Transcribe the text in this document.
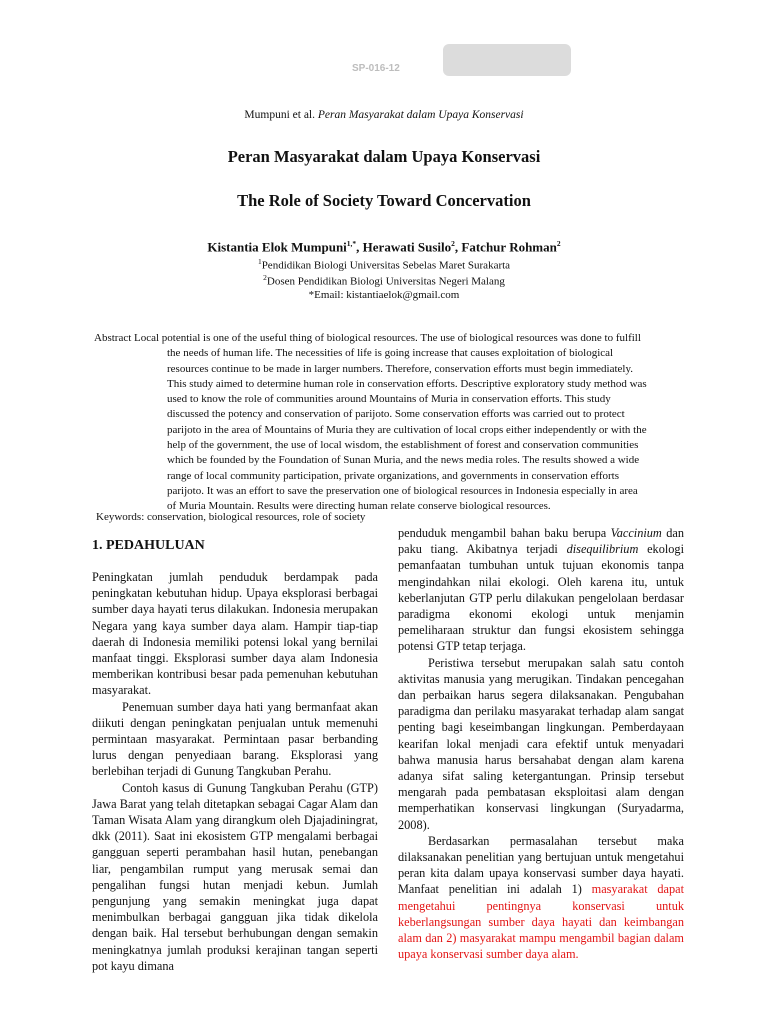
SP-016-12
Mumpuni et al. Peran Masyarakat dalam Upaya Konservasi
Peran Masyarakat dalam Upaya Konservasi
The Role of Society Toward Concervation
Kistantia Elok Mumpuni$^{1,*}$, Herawati Susilo$^2$, Fatchur Rohman$^2$
$^1$Pendidikan Biologi Universitas Sebelas Maret Surakarta
$^2$Dosen Pendidikan Biologi Universitas Negeri Malang
*Email: kistantiaelok@gmail.com
Abstract Local potential is one of the useful thing of biological resources. The use of biological resources was done to fulfill
the needs of human life. The necessities of life is going increase that causes exploitation of biological
resources continue to be made in larger numbers. Therefore, conservation efforts must begin immediately.
This study aimed to determine human role in conservation efforts. Descriptive exploratory study method was
used to know the role of communities around Mountains of Muria in conservation efforts. This study
discussed the potency and conservation of parijoto. Some conservation efforts was carried out to protect
parijoto in the area of Mountains of Muria they are cultivation of local crops either independently or with the
help of the government, the use of local wisdom, the establishment of forest and conservation communities
which be founded by the Foundation of Sunan Muria, and the news media roles. The results showed a wide
range of local community participation, private organizations, and governments in conservation efforts
parijoto. It was an effort to save the preservation one of biological resources in Indonesia especially in area
of Muria Mountain. Results were directing human relate conserve biological resources.
Keywords: conservation, biological resources, role of society
1. PEDAHULUAN

Peningkatan jumlah penduduk berdampak pada peningkatan kebutuhan hidup. Upaya eksplorasi berbagai sumber daya hayati terus dilakukan. Indonesia merupakan Negara yang kaya sumber daya alam. Hampir tiap-tiap daerah di Indonesia memiliki potensi lokal yang bernilai manfaat tinggi. Eksplorasi sumber daya alam Indonesia memberikan kontribusi besar pada pemenuhan kebutuhan masyarakat.

Penemuan sumber daya hati yang bermanfaat akan diikuti dengan peningkatan penjualan untuk memenuhi permintaan masyarakat. Permintaan pasar berbanding lurus dengan penyediaan barang. Eksplorasi yang berlebihan terjadi di Gunung Tangkuban Perahu.

Contoh kasus di Gunung Tangkuban Perahu (GTP) Jawa Barat yang telah ditetapkan sebagai Cagar Alam dan Taman Wisata Alam yang dirangkum oleh Djajadiningrat, dkk (2011). Saat ini ekosistem GTP mengalami berbagai gangguan seperti perambahan hasil hutan, penebangan liar, pengambilan rumput yang merusak semai dan pengalihan fungsi hutan menjadi kebun. Jumlah pengunjung yang semakin meningkat juga dapat menimbulkan berbagai gangguan jika tidak dikelola dengan baik. Hal tersebut berhubungan dengan semakin meningkatnya jumlah produksi kerajinan tangan seperti pot kayu dimana

penduduk mengambil bahan baku berupa Vaccinium dan paku tiang. Akibatnya terjadi disequilibrium ekologi pemanfaatan tumbuhan untuk tujuan ekonomis tanpa mengindahkan nilai ekologi. Oleh karena itu, untuk keberlanjutan GTP perlu dilakukan pengelolaan berdasar paradigma ekonomi ekologi untuk menjamin pemeliharaan struktur dan fungsi ekosistem sehingga potensi GTP tetap terjaga.

Peristiwa tersebut merupakan salah satu contoh aktivitas manusia yang merugikan. Tindakan pencegahan dan perbaikan harus segera dilaksanakan. Pengubahan paradigma dan perilaku masyarakat terhadap alam sangat penting bagi keseimbangan lingkungan. Pemberdayaan kearifan lokal menjadi cara efektif untuk menyadari bahwa manusia harus bersahabat dengan alam karena adanya sifat saling ketergantungan. Prinsip tersebut mengarah pada pembatasan eksploitasi alam dengan memperhatikan konservasi lingkungan (Suryadarma, 2008).

Berdasarkan permasalahan tersebut maka dilaksanakan penelitian yang bertujuan untuk mengetahui peran kita dalam upaya konservasi sumber daya hayati. Manfaat penelitian ini adalah 1) masyarakat dapat mengetahui pentingnya konservasi untuk keberlangsungan sumber daya hayati dan keimbangan alam dan 2) masyarakat mampu mengambil bagian dalam upaya konservasi sumber daya alam.
